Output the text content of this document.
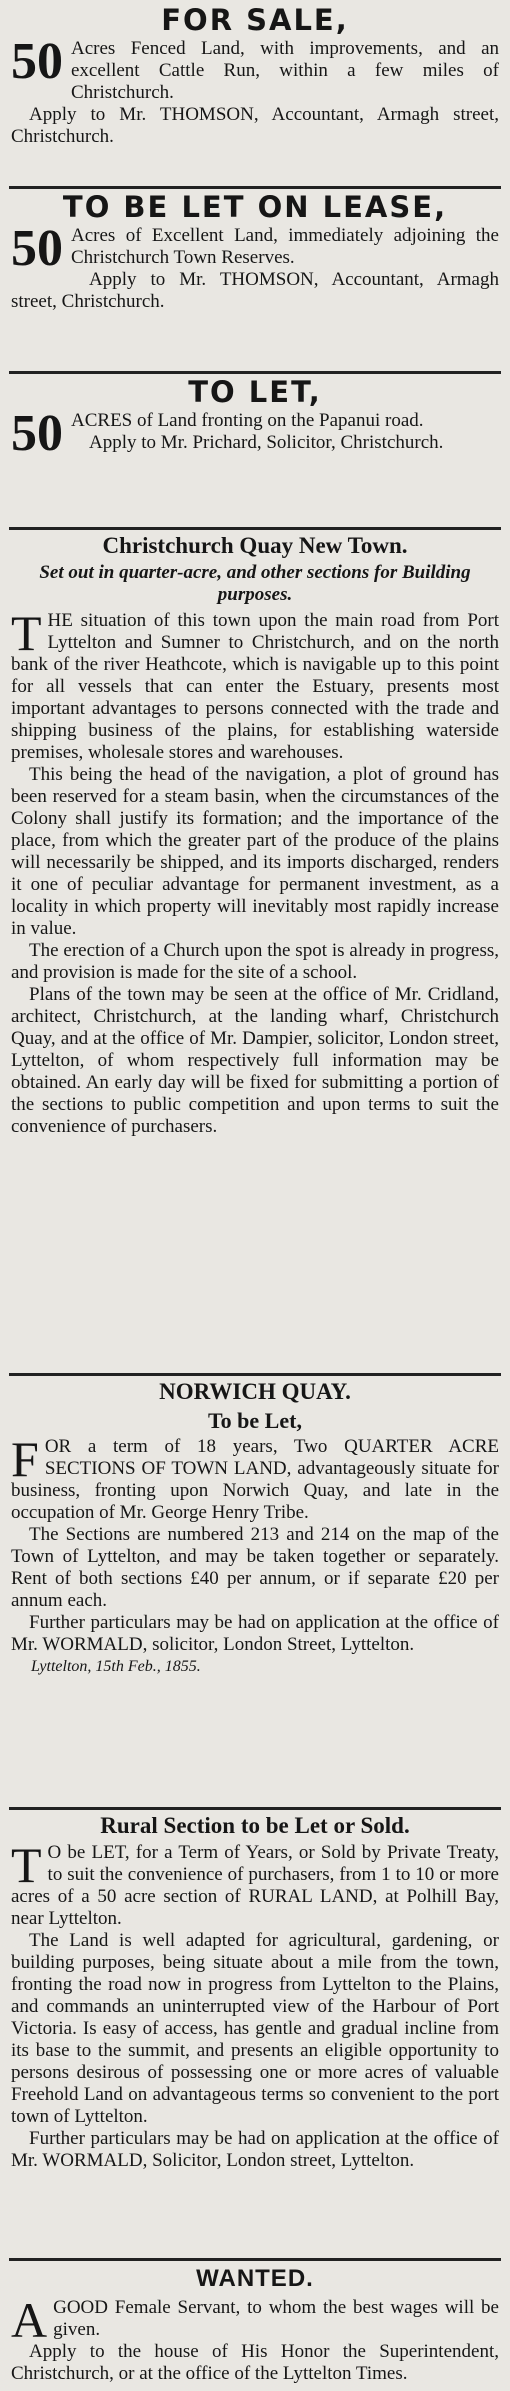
FOR SALE,
50 Acres Fenced Land, with improvements, and an excellent Cattle Run, within a few miles of Christchurch.

Apply to Mr. THOMSON, Accountant, Armagh street, Christchurch.

TO BE LET ON LEASE,
50 Acres of Excellent Land, immediately adjoining the Christchurch Town Reserves.

Apply to Mr. THOMSON, Accountant, Armagh street, Christchurch.

TO LET,
50 ACRES of Land fronting on the Papanui road.

Apply to Mr. Prichard, Solicitor, Christchurch.

Christchurch Quay New Town.
Set out in quarter-acre, and other sections for Building purposes.
T HE situation of this town upon the main road from Port Lyttelton and Sumner to Christchurch, and on the north bank of the river Heathcote, which is navigable up to this point for all vessels that can enter the Estuary, presents most important advantages to persons connected with the trade and shipping business of the plains, for establishing waterside premises, wholesale stores and warehouses.

This being the head of the navigation, a plot of ground has been reserved for a steam basin, when the circumstances of the Colony shall justify its formation; and the importance of the place, from which the greater part of the produce of the plains will necessarily be shipped, and its imports discharged, renders it one of peculiar advantage for permanent investment, as a locality in which property will inevitably most rapidly increase in value.

The erection of a Church upon the spot is already in progress, and provision is made for the site of a school.

Plans of the town may be seen at the office of Mr. Cridland, architect, Christchurch, at the landing wharf, Christchurch Quay, and at the office of Mr. Dampier, solicitor, London street, Lyttelton, of whom respectively full information may be obtained. An early day will be fixed for submitting a portion of the sections to public competition and upon terms to suit the convenience of purchasers.

NORWICH QUAY.
To be Let,
F OR a term of 18 years, Two QUARTER ACRE SECTIONS OF TOWN LAND, advantageously situate for business, fronting upon Norwich Quay, and late in the occupation of Mr. George Henry Tribe.

The Sections are numbered 213 and 214 on the map of the Town of Lyttelton, and may be taken together or separately. Rent of both sections £40 per annum, or if separate £20 per annum each.

Further particulars may be had on application at the office of Mr. WORMALD, solicitor, London Street, Lyttelton.

Lyttelton, 15th Feb., 1855.
Rural Section to be Let or Sold.
T O be LET, for a Term of Years, or Sold by Private Treaty, to suit the convenience of purchasers, from 1 to 10 or more acres of a 50 acre section of RURAL LAND, at Polhill Bay, near Lyttelton.

The Land is well adapted for agricultural, gardening, or building purposes, being situate about a mile from the town, fronting the road now in progress from Lyttelton to the Plains, and commands an uninterrupted view of the Harbour of Port Victoria. Is easy of access, has gentle and gradual incline from its base to the summit, and presents an eligible opportunity to persons desirous of possessing one or more acres of valuable Freehold Land on advantageous terms so convenient to the port town of Lyttelton.

Further particulars may be had on application at the office of Mr. WORMALD, Solicitor, London street, Lyttelton.

WANTED.
A GOOD Female Servant, to whom the best wages will be given.

Apply to the house of His Honor the Superintendent, Christchurch, or at the office of the Lyttelton Times.
